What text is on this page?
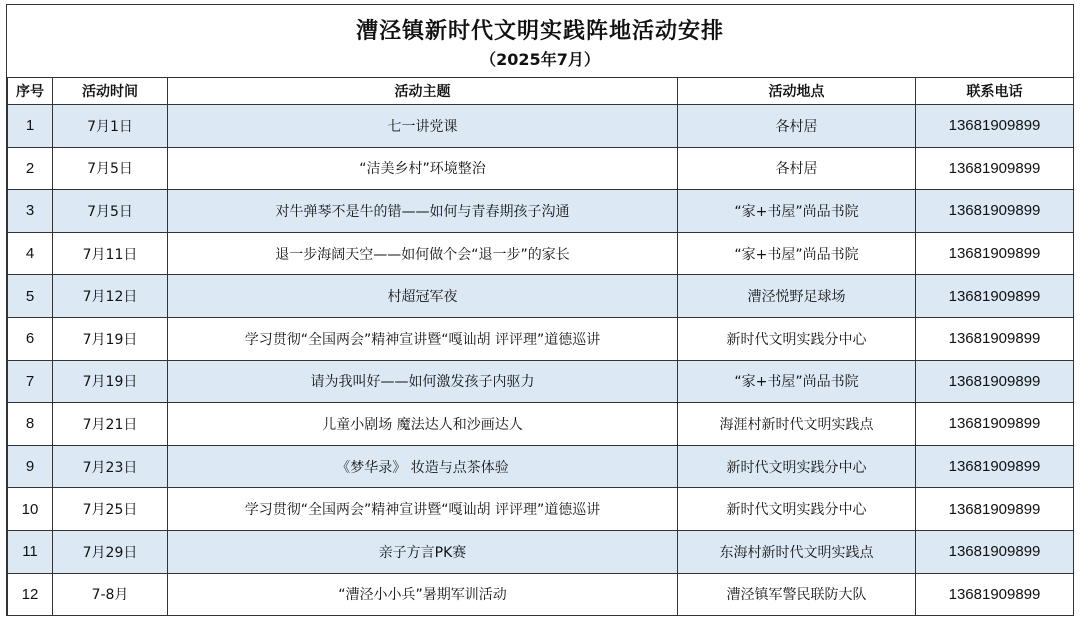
漕泾镇新时代文明实践阵地活动安排
（2025年7月）
序号	活动时间	活动主题	活动地点	联系电话
1	7月1日	七一讲党课	各村居	13681909899
2	7月5日	“洁美乡村”环境整治	各村居	13681909899
3	7月5日	对牛弹琴不是牛的错——如何与青春期孩子沟通	“家+书屋”尚品书院	13681909899
4	7月11日	退一步海阔天空——如何做个会“退一步”的家长	“家+书屋”尚品书院	13681909899
5	7月12日	村超冠军夜	漕泾悦野足球场	13681909899
6	7月19日	学习贯彻“全国两会”精神宣讲暨“嘎讪胡 评评理”道德巡讲	新时代文明实践分中心	13681909899
7	7月19日	请为我叫好——如何激发孩子内驱力	“家+书屋”尚品书院	13681909899
8	7月21日	儿童小剧场 魔法达人和沙画达人	海涯村新时代文明实践点	13681909899
9	7月23日	《梦华录》 妆造与点茶体验	新时代文明实践分中心	13681909899
10	7月25日	学习贯彻“全国两会”精神宣讲暨“嘎讪胡 评评理”道德巡讲	新时代文明实践分中心	13681909899
11	7月29日	亲子方言PK赛	东海村新时代文明实践点	13681909899
12	7-8月	“漕泾小小兵”暑期军训活动	漕泾镇军警民联防大队	13681909899
